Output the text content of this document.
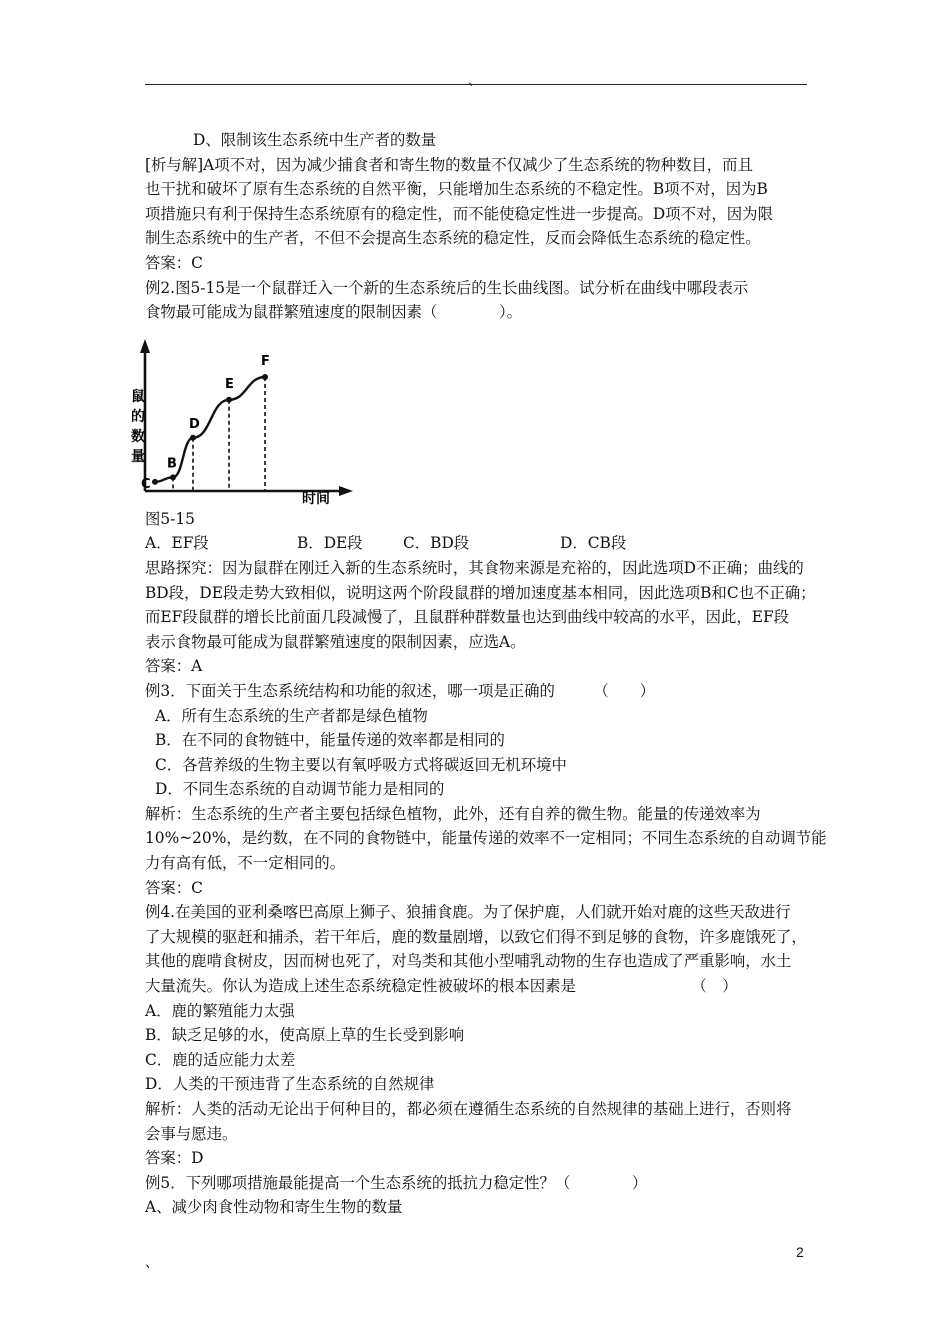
、

D、限制该生态系统中生产者的数量

[析与解]A项不对，因为减少捕食者和寄生物的数量不仅减少了生态系统的物种数目，而且

也干扰和破坏了原有生态系统的自然平衡，只能增加生态系统的不稳定性。B项不对，因为B

项措施只有利于保持生态系统原有的稳定性，而不能使稳定性进一步提高。D项不对，因为限

制生态系统中的生产者，不但不会提高生态系统的稳定性，反而会降低生态系统的稳定性。

答案：C

例2.图5-15是一个鼠群迁入一个新的生态系统后的生长曲线图。试分析在曲线中哪段表示

食物最可能成为鼠群繁殖速度的限制因素（　　　　）。

鼠
的
数
量
时间
C
B
D
E
F

图5-15

A．EF段	B．DE段	C．BD段	D．CB段

思路探究：因为鼠群在刚迁入新的生态系统时，其食物来源是充裕的，因此选项D不正确；曲线的

BD段，DE段走势大致相似，说明这两个阶段鼠群的增加速度基本相同，因此选项B和C也不正确；

而EF段鼠群的增长比前面几段减慢了，且鼠群种群数量也达到曲线中较高的水平，因此，EF段

表示食物最可能成为鼠群繁殖速度的限制因素，应选A。

答案：A

例3．下面关于生态系统结构和功能的叙述，哪一项是正确的　　　（　　）

A．所有生态系统的生产者都是绿色植物

B．在不同的食物链中，能量传递的效率都是相同的

C．各营养级的生物主要以有氧呼吸方式将碳返回无机环境中

D．不同生态系统的自动调节能力是相同的

解析：生态系统的生产者主要包括绿色植物，此外，还有自养的微生物。能量的传递效率为

10%~20%，是约数，在不同的食物链中，能量传递的效率不一定相同；不同生态系统的自动调节能

力有高有低，不一定相同的。

答案：C

例4.在美国的亚利桑喀巴高原上狮子、狼捕食鹿。为了保护鹿，人们就开始对鹿的这些天敌进行

了大规模的驱赶和捕杀，若干年后，鹿的数量剧增，以致它们得不到足够的食物，许多鹿饿死了，

其他的鹿啃食树皮，因而树也死了，对鸟类和其他小型哺乳动物的生存也造成了严重影响，水土

大量流失。你认为造成上述生态系统稳定性被破坏的根本因素是　　　　　　　　（　）

A．鹿的繁殖能力太强

B．缺乏足够的水，使高原上草的生长受到影响

C．鹿的适应能力太差

D．人类的干预违背了生态系统的自然规律

解析：人类的活动无论出于何种目的，都必须在遵循生态系统的自然规律的基础上进行，否则将

会事与愿违。

答案：D

例5．下列哪项措施最能提高一个生态系统的抵抗力稳定性？（　　　　）

A、减少肉食性动物和寄生生物的数量

、
2
